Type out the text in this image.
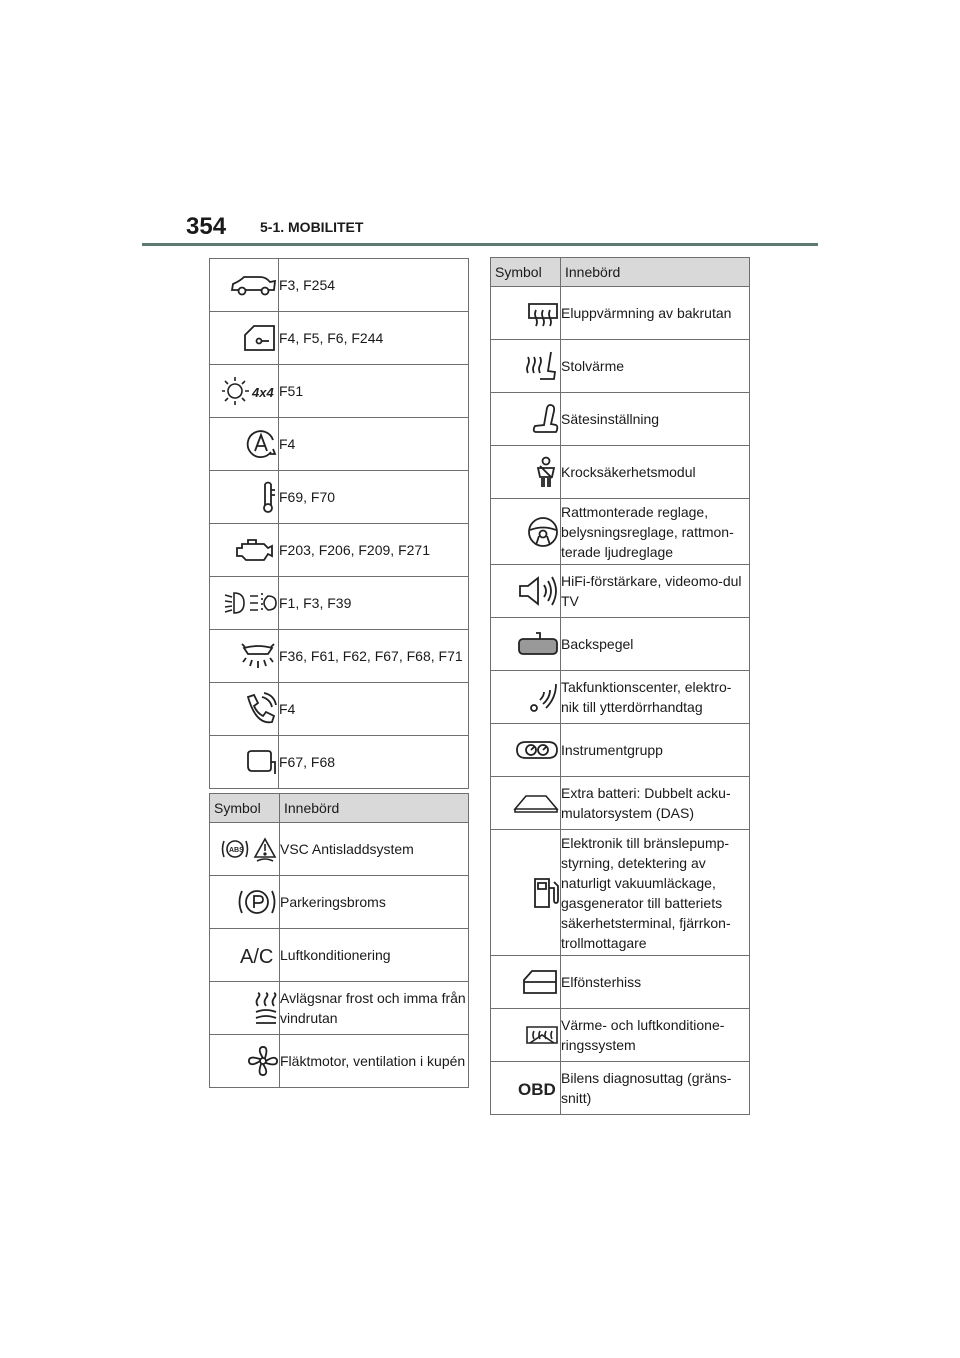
354 5-1. MOBILITET
	F3, F254
	F4, F5, F6, F244

4x4	F51
	F4
	F69, F70
	F203, F206, F209, F271
	F1, F3, F39
	F36, F61, F62, F67, F68, F71
	F4
	F67, F68
Symbol	Innebörd

ABS	VSC Antisladdsystem
	Parkeringsbroms

A/C	Luftkonditionering
	Avlägsnar frost och imma från vindrutan
	Fläktmotor, ventilation i kupén
Symbol	Innebörd
	Eluppvärmning av bakrutan
	Stolvärme
	Sätesinställning
	Krocksäkerhetsmodul
	Rattmonterade reglage, belysningsreglage, rattmon-terade ljudreglage
	HiFi-förstärkare, videomo-dul TV
	Backspegel
	Takfunktionscenter, elektro-nik till ytterdörrhandtag
	Instrumentgrupp
	Extra batteri: Dubbelt acku-mulatorsystem (DAS)
	Elektronik till bränslepump-styrning, detektering av naturligt vakuumläckage, gasgenerator till batteriets säkerhetsterminal, fjärrkon-trollmottagare
	Elfönsterhiss
	Värme- och luftkonditione-ringssystem

OBD	Bilens diagnosuttag (gräns-snitt)
